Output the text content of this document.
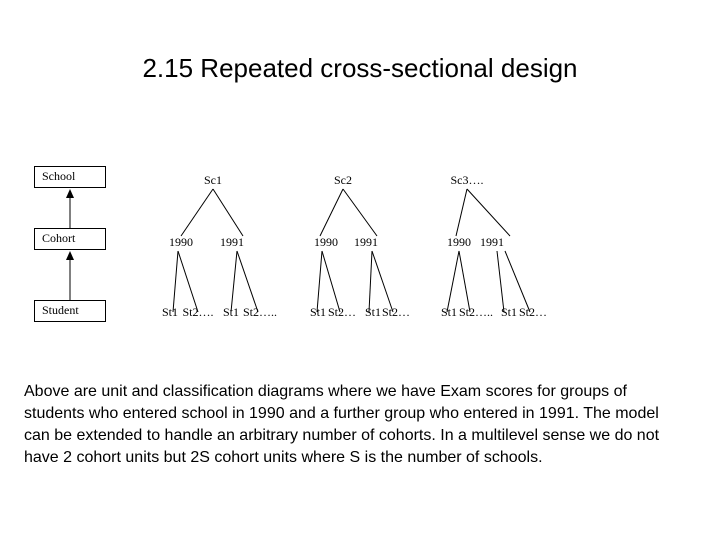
2.15 Repeated cross-sectional design
School
Cohort
Student
Sc1
1990 1991
St1 St2…. St1 St2…..
Sc2
1990 1991
St1 St2… St1 St2…
Sc3….
1990 1991
St1 St2….. St1 St2…
Above are unit and classification diagrams where we have Exam scores for groups of students who entered school in 1990 and a further group who entered in 1991. The model can be extended to handle an arbitrary number of cohorts. In a multilevel sense we do not have 2 cohort units but 2S cohort units where S is the number of schools.
